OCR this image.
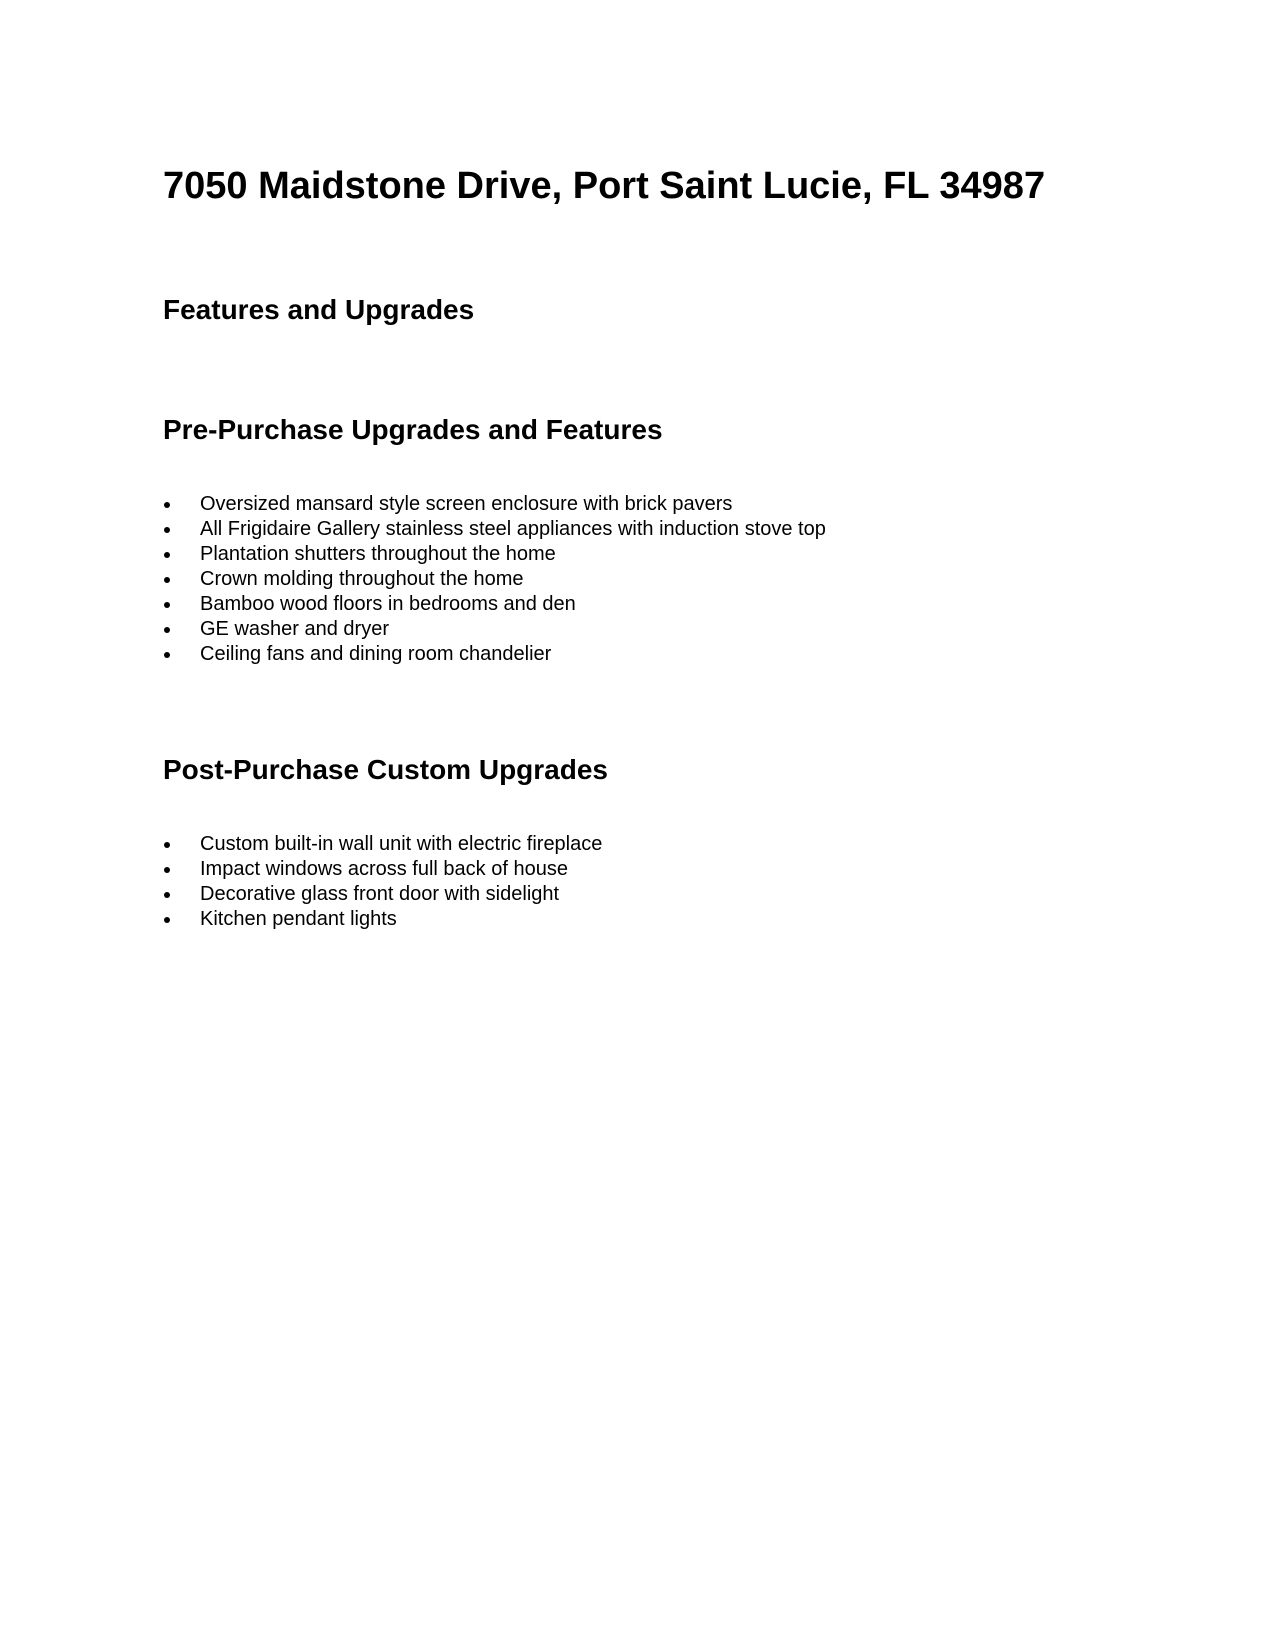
7050 Maidstone Drive, Port Saint Lucie, FL 34987
Features and Upgrades
Pre-Purchase Upgrades and Features
Oversized mansard style screen enclosure with brick pavers
All Frigidaire Gallery stainless steel appliances with induction stove top
Plantation shutters throughout the home
Crown molding throughout the home
Bamboo wood floors in bedrooms and den
GE washer and dryer
Ceiling fans and dining room chandelier
Post-Purchase Custom Upgrades
Custom built-in wall unit with electric fireplace
Impact windows across full back of house
Decorative glass front door with sidelight
Kitchen pendant lights
